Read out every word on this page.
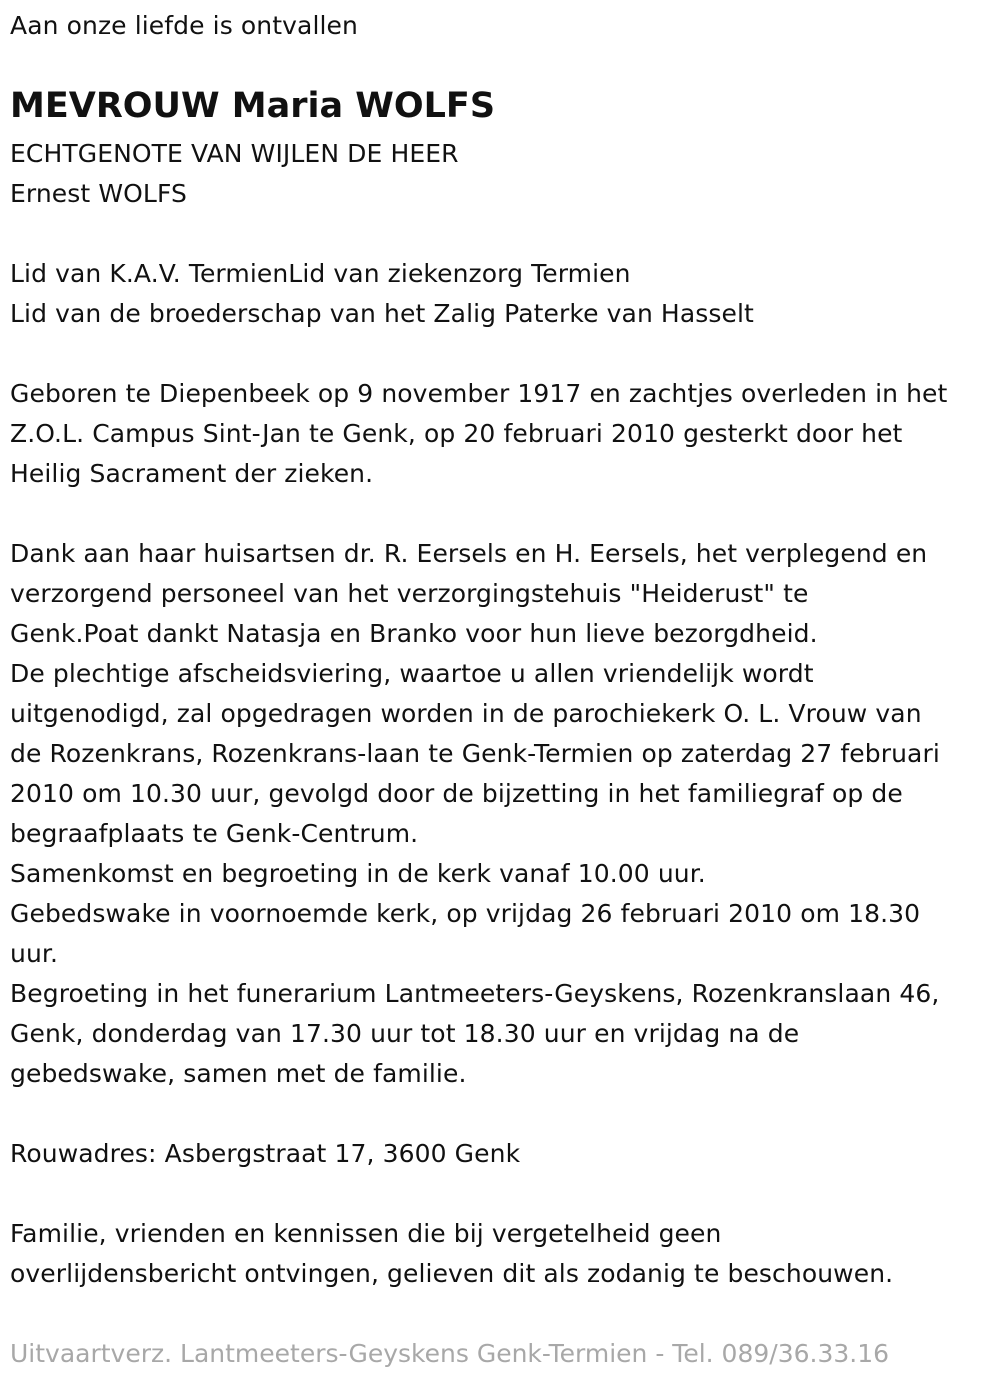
Aan onze liefde is ontvallen
MEVROUW Maria WOLFS
ECHTGENOTE VAN WIJLEN DE HEER
Ernest WOLFS
Lid van K.A.V. TermienLid van ziekenzorg Termien
Lid van de broederschap van het Zalig Paterke van Hasselt
Geboren te Diepenbeek op 9 november 1917 en zachtjes overleden in het
Z.O.L. Campus Sint-Jan te Genk, op 20 februari 2010 gesterkt door het
Heilig Sacrament der zieken.
Dank aan haar huisartsen dr. R. Eersels en H. Eersels, het verplegend en
verzorgend personeel van het verzorgingstehuis "Heiderust" te
Genk.Poat dankt Natasja en Branko voor hun lieve bezorgdheid.
De plechtige afscheidsviering, waartoe u allen vriendelijk wordt
uitgenodigd, zal opgedragen worden in de parochiekerk O. L. Vrouw van
de Rozenkrans, Rozenkrans-laan te Genk-Termien op zaterdag 27 februari
2010 om 10.30 uur, gevolgd door de bijzetting in het familiegraf op de
begraafplaats te Genk-Centrum.
Samenkomst en begroeting in de kerk vanaf 10.00 uur.
Gebedswake in voornoemde kerk, op vrijdag 26 februari 2010 om 18.30
uur.
Begroeting in het funerarium Lantmeeters-Geyskens, Rozenkranslaan 46,
Genk, donderdag van 17.30 uur tot 18.30 uur en vrijdag na de
gebedswake, samen met de familie.
Rouwadres: Asbergstraat 17, 3600 Genk
Familie, vrienden en kennissen die bij vergetelheid geen
overlijdensbericht ontvingen, gelieven dit als zodanig te beschouwen.
Uitvaartverz. Lantmeeters-Geyskens Genk-Termien - Tel. 089/36.33.16
